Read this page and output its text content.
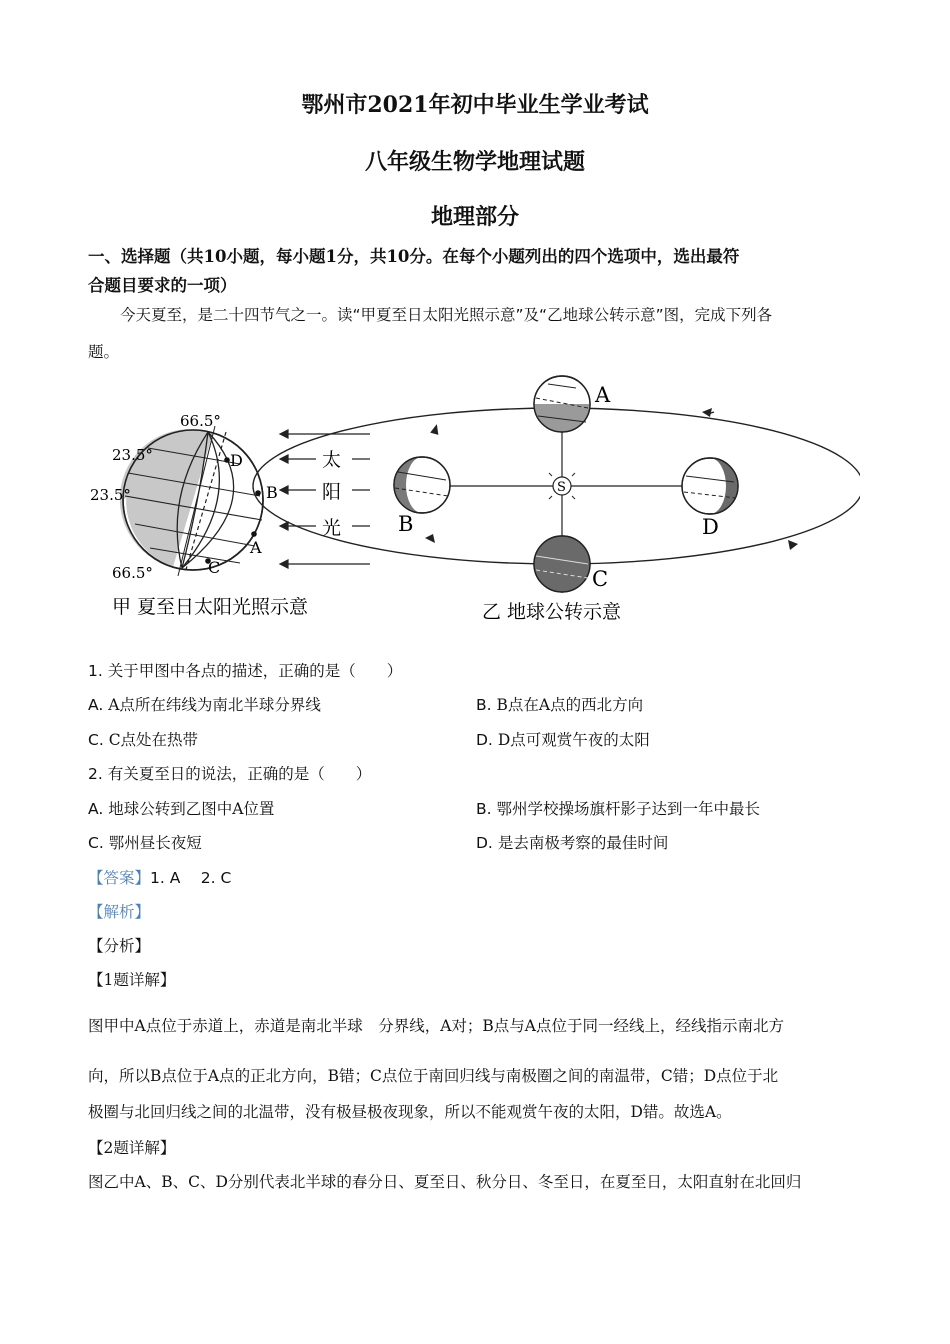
鄂州市2021年初中毕业生学业考试
八年级生物学地理试题
地理部分
一、选择题（共10小题，每小题1分，共10分。在每个小题列出的四个选项中，选出最符
合题目要求的一项）
今天夏至，是二十四节气之一。读“甲夏至日太阳光照示意”及“乙地球公转示意”图，完成下列各
题。
D
B
A
C
66.5°
23.5°
23.5°
66.5°
太
阳
光
甲 夏至日太阳光照示意
S
A
B
C
D
乙 地球公转示意
1. 关于甲图中各点的描述，正确的是（　　）
A. A点所在纬线为南北半球分界线	B. B点在A点的西北方向
C. C点处在热带	D. D点可观赏午夜的太阳
2. 有关夏至日的说法，正确的是（　　）
A. 地球公转到乙图中A位置	B. 鄂州学校操场旗杆影子达到一年中最长
C. 鄂州昼长夜短	D. 是去南极考察的最佳时间
【答案】1. A　 2. C
【解析】
【分析】
【1题详解】
图甲中A点位于赤道上，赤道是南北半球　分界线，A对；B点与A点位于同一经线上，经线指示南北方
向，所以B点位于A点的正北方向，B错；C点位于南回归线与南极圈之间的南温带，C错；D点位于北
极圈与北回归线之间的北温带，没有极昼极夜现象，所以不能观赏午夜的太阳，D错。故选A。
【2题详解】
图乙中A、B、C、D分别代表北半球的春分日、夏至日、秋分日、冬至日，在夏至日，太阳直射在北回归
